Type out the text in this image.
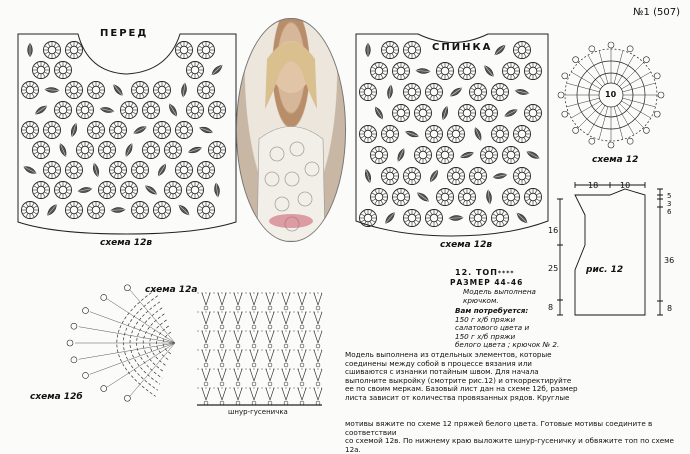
№1 (507)
ПЕРЕД
схема 12в
СПИНКА
схема 12в
10
схема 12
18	10
5
3
6
36
8
16
25
8
рис. 12
схема 12а
схема 12б
шнур-гусеничка
12. ТОП****
РАЗМЕР 44-46
Модель выполнена
крючком.
Вам потребуется:
150 г х/б пряжи
салатового цвета и
150 г х/б пряжи
белого цвета ; крючок № 2.
Модель выполнена из отдельных элементов, которые
соединены между собой в процессе вязания или
сшиваются с изнанки потайным швом. Для начала
выполните выкройку (смотрите рис.12) и откорректируйте
ее по своим меркам. Базовый лист дан на схеме 12б, размер
листа зависит от количества провязанных рядов. Круглые
мотивы вяжите по схеме 12 пряжей белого цвета. Готовые мотивы соедините в соответствии
со схемой 12в. По нижнему краю выложите шнур-гусеничку и обвяжите топ по схеме 12а.
